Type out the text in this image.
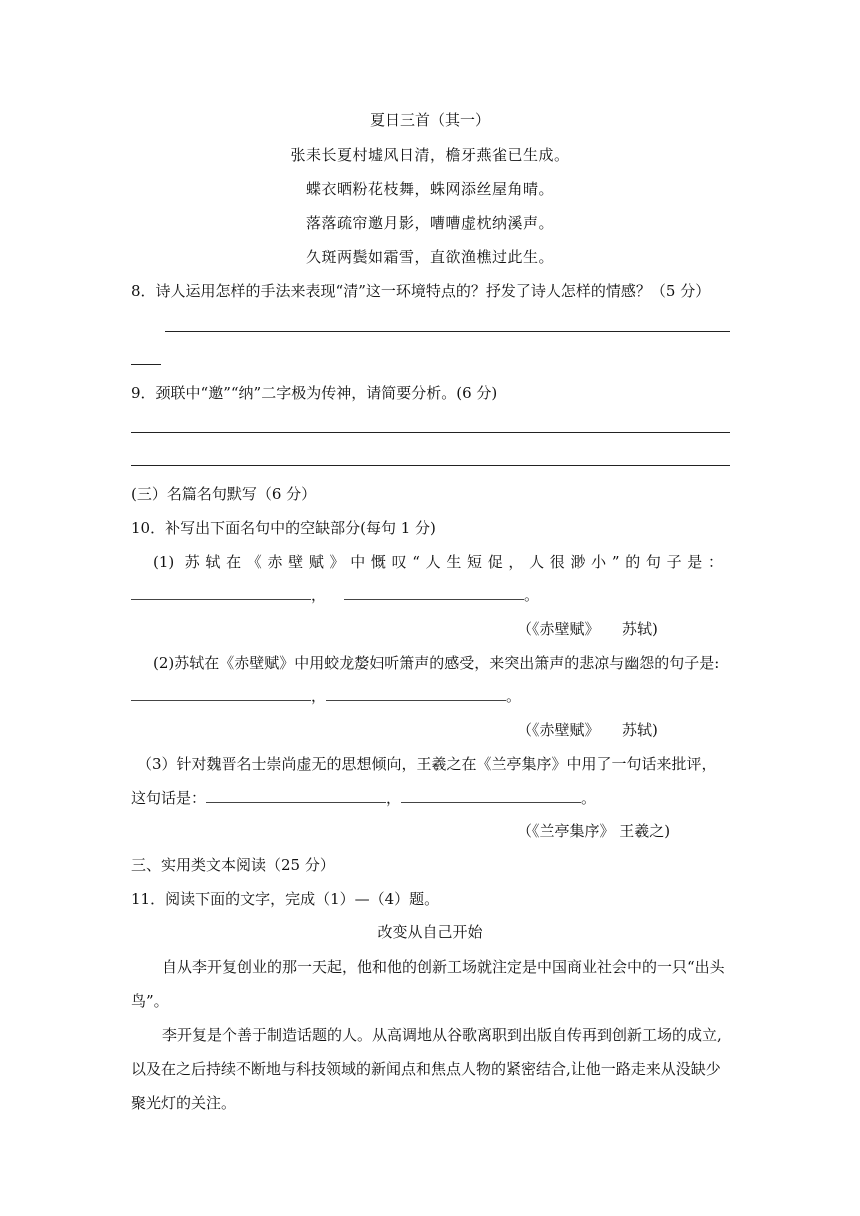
夏日三首（其一）
张耒长夏村墟风日清，檐牙燕雀已生成。
蝶衣晒粉花枝舞，蛛网添丝屋角晴。
落落疏帘邀月影，嘈嘈虚枕纳溪声。
久斑两鬓如霜雪，直欲渔樵过此生。
8．诗人运用怎样的手法来表现“清”这一环境特点的？抒发了诗人怎样的情感？（5 分）
9．颈联中“邀”“纳”二字极为传神，请简要分析。(6 分)
(三）名篇名句默写（6 分）
10．补写出下面名句中的空缺部分(每句 1 分)
(1) 苏轼在《赤壁赋》中慨叹“人生短促，人很渺小”的句子是：
，	。
（《赤壁赋》　　苏轼)
(2)苏轼在《赤壁赋》中用蛟龙嫠妇听箫声的感受，来突出箫声的悲凉与幽怨的句子是:
，	。
（《赤壁赋》　　苏轼)
（3）针对魏晋名士崇尚虚无的思想倾向，王羲之在《兰亭集序》中用了一句话来批评，
这句话是：	，	。
（《兰亭集序》 王羲之)
三、实用类文本阅读（25 分）
11．阅读下面的文字，完成（1）—（4）题。
改变从自己开始
自从李开复创业的那一天起，他和他的创新工场就注定是中国商业社会中的一只“出头
鸟”。
李开复是个善于制造话题的人。从高调地从谷歌离职到出版自传再到创新工场的成立,
以及在之后持续不断地与科技领域的新闻点和焦点人物的紧密结合,让他一路走来从没缺少
聚光灯的关注。
